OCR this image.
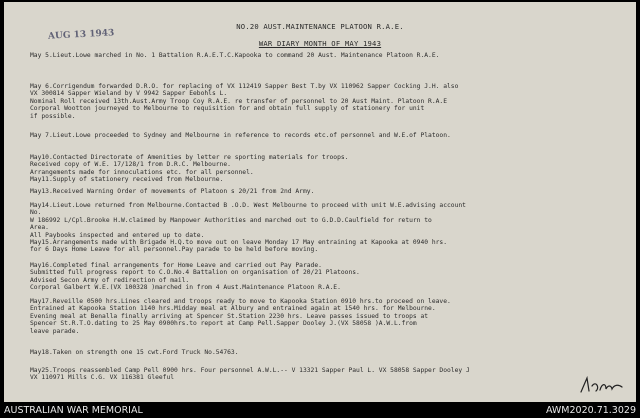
AUG 13 1943
NO.20 AUST.MAINTENANCE PLATOON R.A.E.
WAR DIARY MONTH OF MAY 1943
May 5.Lieut.Lowe marched in No. 1 Battalion R.A.E.T.C.Kapooka to command 20 Aust. Maintenance Platoon R.A.E.
May 6.Corrigendum forwarded D.R.O. for replacing of VX 112419 Sapper Best T.by VX 110962 Sapper Cocking J.H. also
VX 300814 Sapper Wieland by V 9942 Sapper Eebohls L.
Nominal Roll received 13th.Aust.Army Troop Coy R.A.E. re transfer of personnel to 20 Aust Maint. Platoon R.A.E
Corporal Wootton journeyed to Melbourne to requisition for and obtain full supply of stationery for unit
if possible.
May 7.Lieut.Lowe proceeded to Sydney and Melbourne in reference to records etc.of personnel and W.E.of Platoon.
May10.Contacted Directorate of Amenities by letter re sporting materials for troops.
Received copy of W.E. 17/128/1 from D.R.C. Melbourne.
Arrangements made for innoculations etc. for all personnel.
May11.Supply of stationery received from Melbourne.
May13.Received Warning Order of movements of Platoon s 20/21 from 2nd Army.
May14.Lieut.Lowe returned from Melbourne.Contacted B .O.D. West Melbourne to proceed with unit W.E.advising account
No.
W 186992 L/Cpl.Brooke H.W.claimed by Manpower Authorities and marched out to G.D.D.Caulfield for return to
Area.
All Paybooks inspected and entered up to date.
May15.Arrangements made with Brigade H.Q.to move out on leave Monday 17 May entraining at Kapooka at 0940 hrs.
for 6 Days Home Leave for all personnel.Pay parade to be held before moving.
May16.Completed final arrangements for Home Leave and carried out Pay Parade.
Submitted full progress report to C.O.No.4 Battalion on organisation of 20/21 Platoons.
Advised Secon Army of redirection of mail.
Corporal Galbert W.E.(VX 100328 )marched in from 4 Aust.Maintenance Platoon R.A.E.
May17.Reveille 0500 hrs.Lines cleared and troops ready to move to Kapooka Station 0910 hrs.to proceed on leave.
Entrained at Kapooka Station 1140 hrs.Midday meal at Albury and entrained again at 1540 hrs. for Melbourne.
Evening meal at Benalla finally arriving at Spencer St.Station 2230 hrs. Leave passes issued to troops at
Spencer St.R.T.O.dating to 25 May 0900hrs.to report at Camp Pell.Sapper Dooley J.(VX 58058 )A.W.L.from
leave parade.
May18.Taken on strength one 15 cwt.Ford Truck No.54763.
May25.Troops reassembled Camp Pell 0900 hrs. Four personnel A.W.L.-- V 13321 Sapper Paul L. VX 58058 Sapper Dooley J
VX 110971 Mills C.G. VX 116381 Gleeful
AUSTRALIAN WAR MEMORIAL	AWM2020.71.3029
